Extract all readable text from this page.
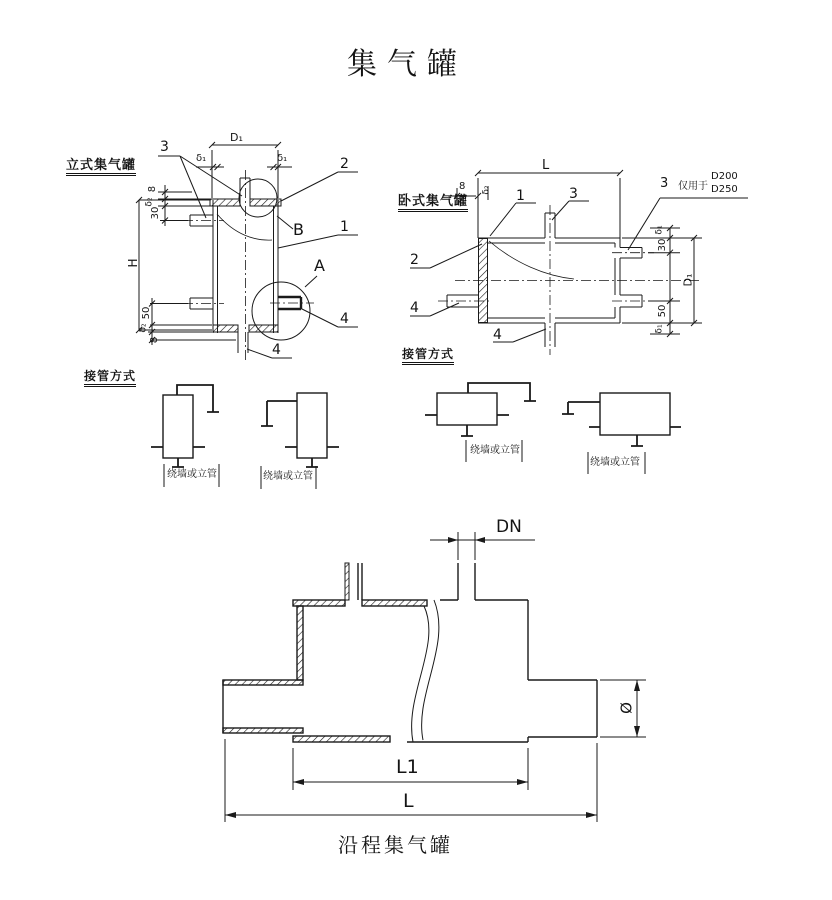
集气罐
立式集气罐
3
D₁
δ₁	δ₁	2
B	1
A
4
4
8
δ₂
30
H
50
δ₂
8
卧式集气罐
L
8 δ₂ 1	3
3 仅用于
D200
D250
2
4
4
δ₁
30
D₁
50
δ₁
接管方式
接管方式
绕墙或立管	绕墙或立管
绕墙或立管
绕墙或立管
DN
Ø
L1
L
沿程集气罐
